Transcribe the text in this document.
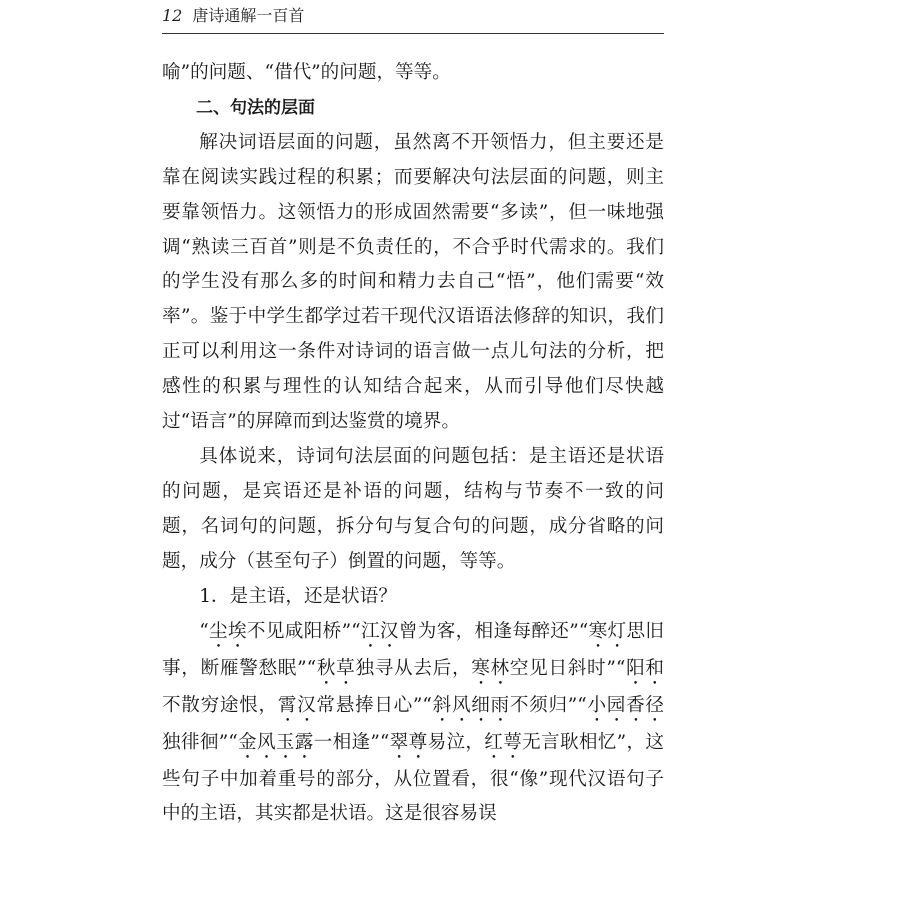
12 唐诗通解一百首

喻”的问题、“借代”的问题，等等。

二、句法的层面

解决词语层面的问题，虽然离不开领悟力，但主要还是靠在阅读实践过程的积累；而要解决句法层面的问题，则主要靠领悟力。这领悟力的形成固然需要“多读”，但一味地强调“熟读三百首”则是不负责任的，不合乎时代需求的。我们的学生没有那么多的时间和精力去自己“悟”，他们需要“效率”。鉴于中学生都学过若干现代汉语语法修辞的知识，我们正可以利用这一条件对诗词的语言做一点儿句法的分析，把感性的积累与理性的认知结合起来，从而引导他们尽快越过“语言”的屏障而到达鉴赏的境界。

具体说来，诗词句法层面的问题包括：是主语还是状语的问题，是宾语还是补语的问题，结构与节奏不一致的问题，名词句的问题，拆分句与复合句的问题，成分省略的问题，成分（甚至句子）倒置的问题，等等。

1．是主语，还是状语？

“尘埃不见咸阳桥”“江汉曾为客，相逢每醉还”“寒灯思旧事，断雁警愁眠”“秋草独寻从去后，寒林空见日斜时”“阳和不散穷途恨，霄汉常悬捧日心”“斜风细雨不须归”“小园香径独徘徊”“金风玉露一相逢”“翠尊易泣，红萼无言耿相忆”，这些句子中加着重号的部分，从位置看，很“像”现代汉语句子中的主语，其实都是状语。这是很容易误
